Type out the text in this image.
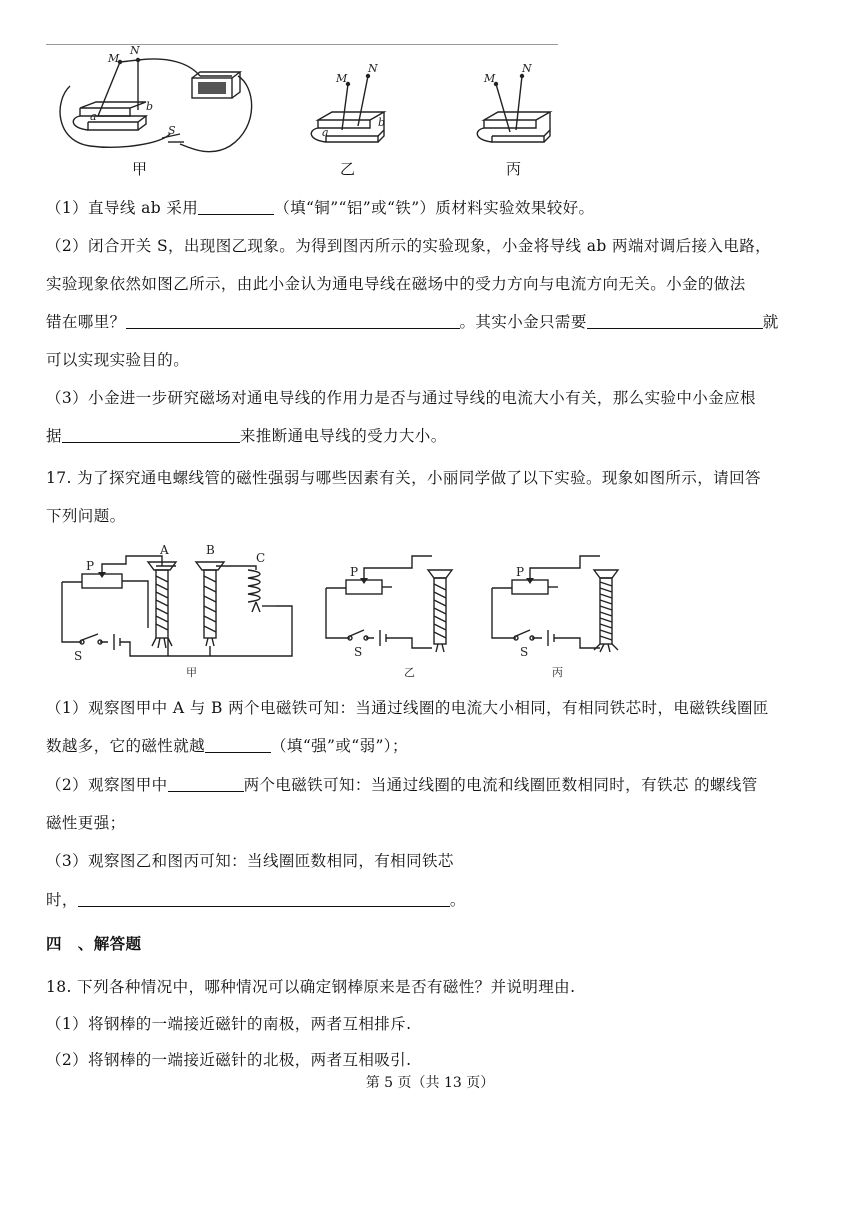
M
N
a
b
S
M
N
a
b
M
N
甲	乙	丙
（1）直导线 ab 采用	（填“铜”“铝”或“铁”）质材料实验效果较好。
（2）闭合开关 S，出现图乙现象。为得到图丙所示的实验现象，小金将导线 ab 两端对调后接入电路，
实验现象依然如图乙所示，由此小金认为通电导线在磁场中的受力方向与电流方向无关。小金的做法
错在哪里？	。其实小金只需要	就
可以实现实验目的。
（3）小金进一步研究磁场对通电导线的作用力是否与通过导线的电流大小有关，那么实验中小金应根
据	来推断通电导线的受力大小。
17. 为了探究通电螺线管的磁性强弱与哪些因素有关，小丽同学做了以下实验。现象如图所示，请回答
下列问题。
A	B
C
P
S
P
S
P
S
甲	乙	丙
（1）观察图甲中 A 与 B 两个电磁铁可知：当通过线圈的电流大小相同，有相同铁芯时，电磁铁线圈匝
数越多，它的磁性就越	（填“强”或“弱”）；
（2）观察图甲中	两个电磁铁可知：当通过线圈的电流和线圈匝数相同时，有铁芯 的螺线管
磁性更强；
（3）观察图乙和图丙可知：当线圈匝数相同，有相同铁芯
时，	。
四　、解答题
18. 下列各种情况中，哪种情况可以确定钢棒原来是否有磁性？并说明理由.
（1）将钢棒的一端接近磁针的南极，两者互相排斥.
（2）将钢棒的一端接近磁针的北极，两者互相吸引.
第 5 页（共 13 页）
